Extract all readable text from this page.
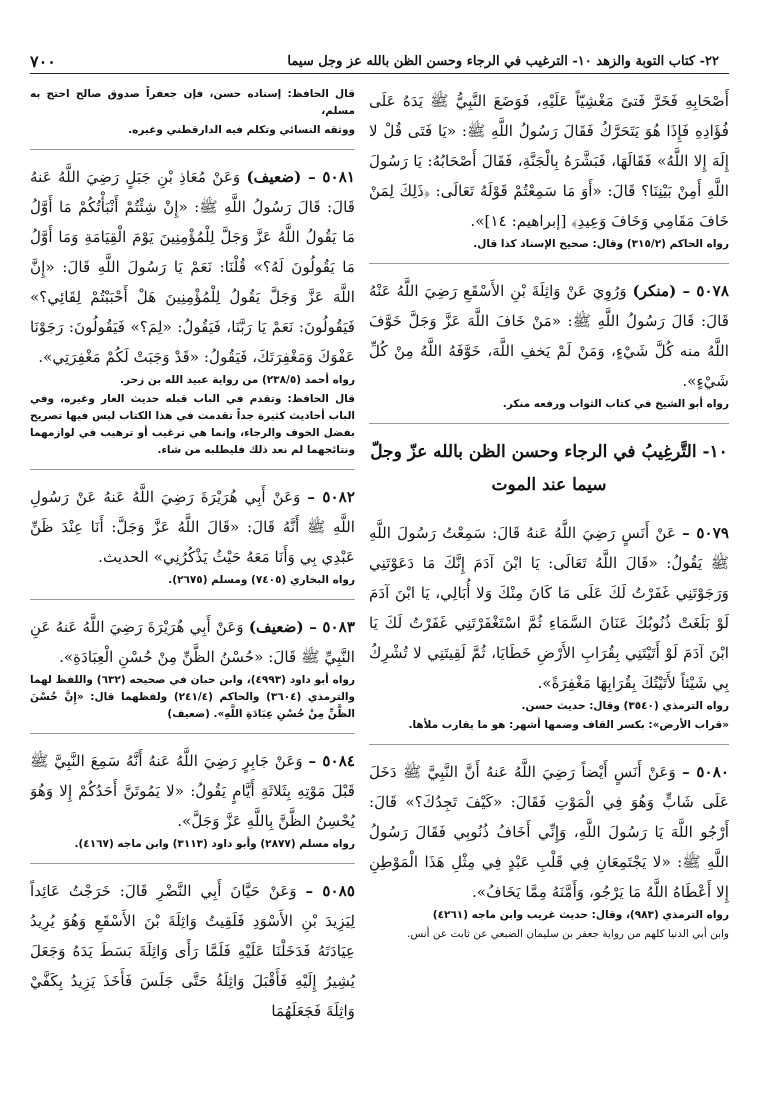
٢٢- كتاب التوبة والزهد ١٠- الترغيب في الرجاء وحسن الظن بالله عز وجل سيما
٧٠٠

أَصْحَابِهِ فَخَرَّ فَتىً مَغْشِيّاً عَلَيْهِ، فَوَضَعَ النَّبِيُّ ﷺ يَدَهُ عَلَى فُؤَادِهِ فَإِذَا هُوَ يَتَحَرَّكُ فَقَالَ رَسُولُ اللَّهِ ﷺ: «يَا فَتَى قُلْ لا إِلَهَ إِلا اللَّهُ» فَقَالَهَا، فَبَشَّرَهُ بِالْجَنَّةِ، فَقَالَ أَصْحَابُهُ: يَا رَسُولَ اللَّهِ أَمِنْ بَيْنِنَا؟ قَالَ: «أَوَ مَا سَمِعْتُمْ قَوْلَهُ تَعَالَى: ﴿ذَلِكَ لِمَنْ خَافَ مَقَامِي وَخَافَ وَعِيدِ﴾ [إبراهيم: ١٤]».

رواه الحاكم (٣١٥/٢) وقال: صحيح الإسناد كذا قال.

٥٠٧٨ – (منكر) وَرُوِيَ عَنْ وَاثِلَةَ بْنِ الأَسْقَعِ رَضِيَ اللَّهُ عَنْهُ قَالَ: قَالَ رَسُولُ اللَّهِ ﷺ: «مَنْ خَافَ اللَّهَ عَزَّ وَجَلَّ خَوَّفَ اللَّهُ منه كُلَّ شَيْءٍ، وَمَنْ لَمْ يَخفِ اللَّهَ، خَوَّفَهُ اللَّهُ مِنْ كُلِّ شَيْءٍ».

رواه أبو الشيخ في كتاب الثواب ورفعه منكر.

١٠- التَّرغِيبُ في الرجاء وحسن الظن بالله عزّ وجلّ سيما عند الموت

٥٠٧٩ – عَنْ أَنَسٍ رَضِيَ اللَّهُ عَنهُ قَالَ: سَمِعْتُ رَسُولَ اللَّهِ ﷺ يَقُولُ: «قَالَ اللَّهُ تَعَالَى: يَا ابْنَ آدَمَ إِنَّكَ مَا دَعَوْتَنِي وَرَجَوْتَنِي غَفَرْتُ لَكَ عَلَى مَا كَانَ مِنْكَ وَلا أُبَالِي، يَا ابْنَ آدَمَ لَوْ بَلَغَتْ ذُنُوبُكَ عَنَانَ السَّمَاءِ ثُمَّ اسْتَغْفَرْتَنِي غَفَرْتُ لَكَ يَا ابْنَ آدَمَ لَوْ أَتَيْتَنِي بِقُرَابِ الأَرْضِ خَطَايَا، ثُمَّ لَقِيتَنِي لا تُشْرِكُ بِي شَيْئاً لأَتَيْتُكَ بِقُرَابِهَا مَغْفِرَةً».

رواه الترمذي (٣٥٤٠) وقال: حديث حسن.

«قراب الأرض»: بكسر القاف وضمها أشهر: هو ما يقارب ملأها.

٥٠٨٠ – وَعَنْ أَنَسٍ أَيْضاً رَضِيَ اللَّهُ عَنهُ أَنَّ النَّبِيَّ ﷺ دَخَلَ عَلَى شَابٍّ وَهُوَ فِي الْمَوْتِ فَقَالَ: «كَيْفَ تَجِدُكَ؟» قَالَ: أَرْجُو اللَّهَ يَا رَسُولَ اللَّهِ، وَإِنِّي أَخَافُ ذُنُوبِي فَقَالَ رَسُولُ اللَّهِ ﷺ: «لا يَجْتَمِعَانِ فِي قَلْبِ عَبْدٍ فِي مِثْلِ هَذَا الْمَوْطِنِ إِلا أَعْطَاهُ اللَّهُ مَا يَرْجُو، وَأَمَّنَهُ مِمَّا يَخَافُ».

رواه الترمذي (٩٨٣)، وقال: حديث غريب وابن ماجه (٤٢٦١)

وابن أبي الدنيا كلهم من رواية جعفر بن سليمان الضبعي عن ثابت عن أنس.

قال الحافظ: إسناده حسن، فإن جعفراً صدوق صالح احتج به مسلم،

ووثقه النسائي وتكلم فيه الدارقطني وغيره.

٥٠٨١ – (ضعيف) وَعَنْ مُعَاذِ بْنِ جَبَلٍ رَضِيَ اللَّهُ عَنهُ قَالَ: قَالَ رَسُولُ اللَّهِ ﷺ: «إِنْ شِئْتُمْ أَنْبَأْتُكُمْ مَا أَوَّلُ مَا يَقُولُ اللَّهُ عَزَّ وَجَلَّ لِلْمُؤْمِنِينَ يَوْمَ الْقِيَامَةِ وَمَا أَوَّلُ مَا يَقُولُونَ لَهُ؟» قُلْنَا: نَعَمْ يَا رَسُولَ اللَّهِ قَالَ: «إِنَّ اللَّهَ عَزَّ وَجَلَّ يَقُولُ لِلْمُؤْمِنِينَ هَلْ أَحْبَبْتُمْ لِقَائِي؟» فَيَقُولُونَ: نَعَمْ يَا رَبَّنَا، فَيَقُولُ: «لِمَ؟» فَيَقُولُونَ: رَجَوْنَا عَفْوَكَ وَمَغْفِرَتَكَ، فَيَقُولُ: «قَدْ وَجَبَتْ لَكُمْ مَغْفِرَتِي».

رواه أحمد (٢٣٨/٥) من رواية عبيد الله بن زحر.

قال الحافظ: وتقدم في الباب قبله حديث الغار وغيره، وفي الباب أحاديث كثيرة جداً تقدمت في هذا الكتاب ليس فيها تصريح بفضل الخوف والرجاء، وإنما هي ترغيب أو ترهيب في لوازمهما ونتائجهما لم نعد ذلك فليطلبه من شاء.

٥٠٨٢ – وَعَنْ أَبِي هُرَيْرَةَ رَضِيَ اللَّهُ عَنهُ عَنْ رَسُولِ اللَّهِ ﷺ أَنَّهُ قَالَ: «قَالَ اللَّهُ عَزَّ وَجَلَّ: أَنَا عِنْدَ ظَنِّ عَبْدِي بِي وَأَنَا مَعَهُ حَيْثُ يَذْكُرُنِي» الحديث.

رواه البخاري (٧٤٠٥) ومسلم (٢٦٧٥).

٥٠٨٣ – (ضعيف) وَعَنْ أَبِي هُرَيْرَةَ رَضِيَ اللَّهُ عَنهُ عَنِ النَّبِيِّ ﷺ قَالَ: «حُسْنُ الظَّنِّ مِنْ حُسْنِ الْعِبَادَةِ».

رواه أبو داود (٤٩٩٣)، وابن حبان في صحيحه (٦٣٢) واللفظ لهما والترمذي (٣٦٠٤) والحاكم (٢٤١/٤) ولفظهما قال: «إِنَّ حُسْنَ الظَّنِّ مِنْ حُسْنِ عِبَادَةِ اللَّهِ». (ضعيف)

٥٠٨٤ – وَعَنْ جَابِرٍ رَضِيَ اللَّهُ عَنهُ أَنَّهُ سَمِعَ النَّبِيَّ ﷺ قَبْلَ مَوْتِهِ بِثَلاثَةِ أَيَّامٍ يَقُولُ: «لا يَمُوتَنَّ أَحَدُكُمْ إِلا وَهُوَ يُحْسِنُ الظَّنَّ بِاللَّهِ عَزَّ وَجَلَّ».

رواه مسلم (٢٨٧٧) وأبو داود (٣١١٣) وابن ماجه (٤١٦٧).

٥٠٨٥ – وَعَنْ حَيَّانَ أَبِي النَّضْرِ قَالَ: خَرَجْتُ عَائِداً لِيَزِيدَ بْنِ الأَسْوَدِ فَلَقِيتُ وَاثِلَةَ بْنَ الأَسْقَعِ وَهُوَ يُرِيدُ عِيَادَتَهُ فَدَخَلْنَا عَلَيْهِ فَلَمَّا رَأَى وَاثِلَةَ بَسَطَ يَدَهُ وَجَعَلَ يُشِيرُ إِلَيْهِ فَأَقْبَلَ وَاثِلَةُ حَتَّى جَلَسَ فَأَخَذَ يَزِيدُ بِكَفَّيْ وَاثِلَةَ فَجَعَلَهُمَا
